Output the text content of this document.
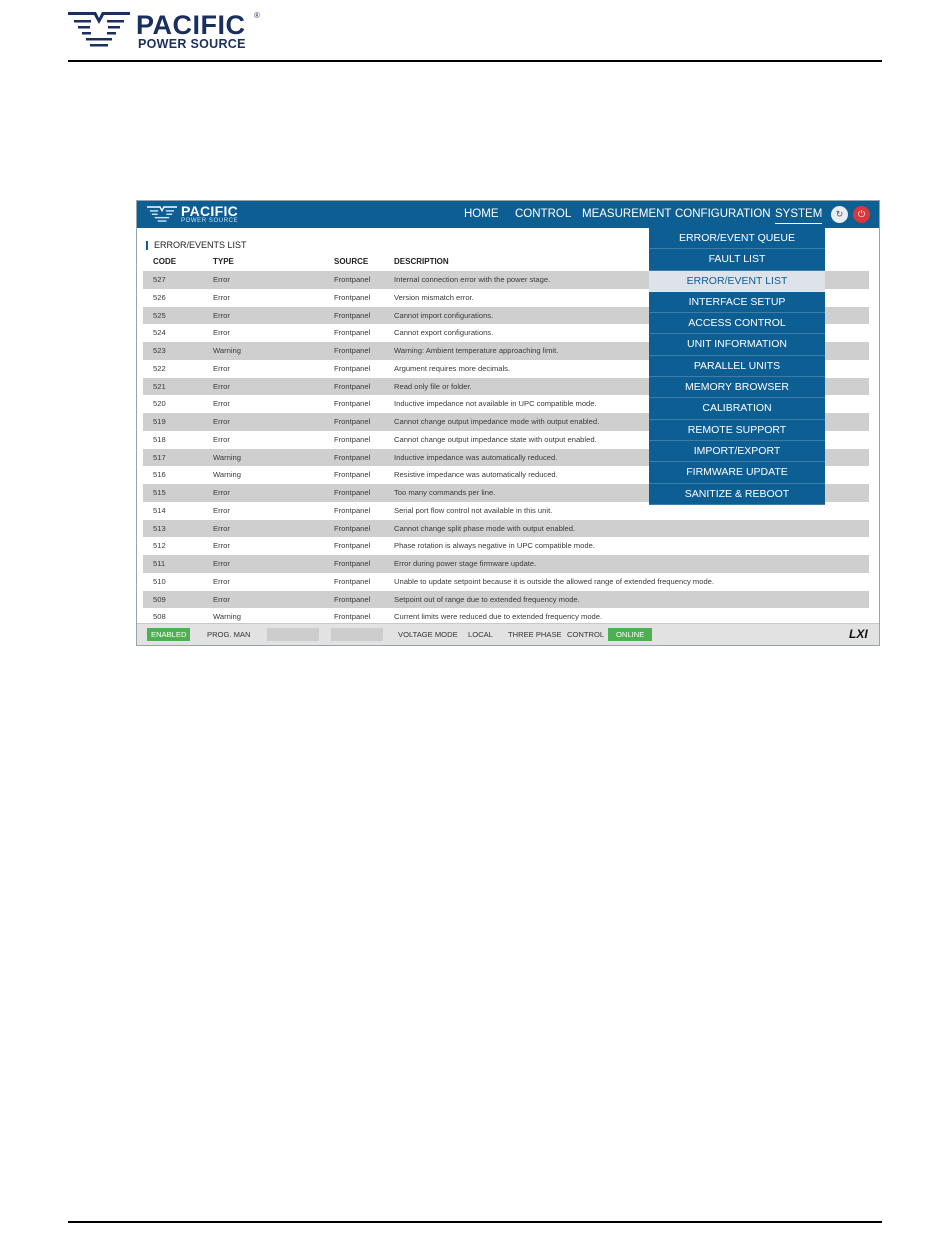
PACIFIC ®
POWER SOURCE
PACIFIC
POWER SOURCE
HOME CONTROL MEASUREMENT CONFIGURATION SYSTEM	↻	⏻
ERROR/EVENTS LIST
CODE	TYPE	SOURCE	DESCRIPTION
527	Error	Frontpanel	Internal connection error with the power stage.
526	Error	Frontpanel	Version mismatch error.
525	Error	Frontpanel	Cannot import configurations.
524	Error	Frontpanel	Cannot export configurations.
523	Warning	Frontpanel	Warning: Ambient temperature approaching limit.
522	Error	Frontpanel	Argument requires more decimals.
521	Error	Frontpanel	Read only file or folder.
520	Error	Frontpanel	Inductive impedance not available in UPC compatible mode.
519	Error	Frontpanel	Cannot change output impedance mode with output enabled.
518	Error	Frontpanel	Cannot change output impedance state with output enabled.
517	Warning	Frontpanel	Inductive impedance was automatically reduced.
516	Warning	Frontpanel	Resistive impedance was automatically reduced.
515	Error	Frontpanel	Too many commands per line.
514	Error	Frontpanel	Serial port flow control not available in this unit.
513	Error	Frontpanel	Cannot change split phase mode with output enabled.
512	Error	Frontpanel	Phase rotation is always negative in UPC compatible mode.
511	Error	Frontpanel	Error during power stage firmware update.
510	Error	Frontpanel	Unable to update setpoint because it is outside the allowed range of extended frequency mode.
509	Error	Frontpanel	Setpoint out of range due to extended frequency mode.
508	Warning	Frontpanel	Current limits were reduced due to extended frequency mode.
ERROR/EVENT QUEUE
FAULT LIST
ERROR/EVENT LIST
INTERFACE SETUP
ACCESS CONTROL
UNIT INFORMATION
PARALLEL UNITS
MEMORY BROWSER
CALIBRATION
REMOTE SUPPORT
IMPORT/EXPORT
FIRMWARE UPDATE
SANITIZE & REBOOT
ENABLED	PROG. MAN	VOLTAGE MODE	LOCAL	THREE PHASE CONTROL	ONLINE	LXI
